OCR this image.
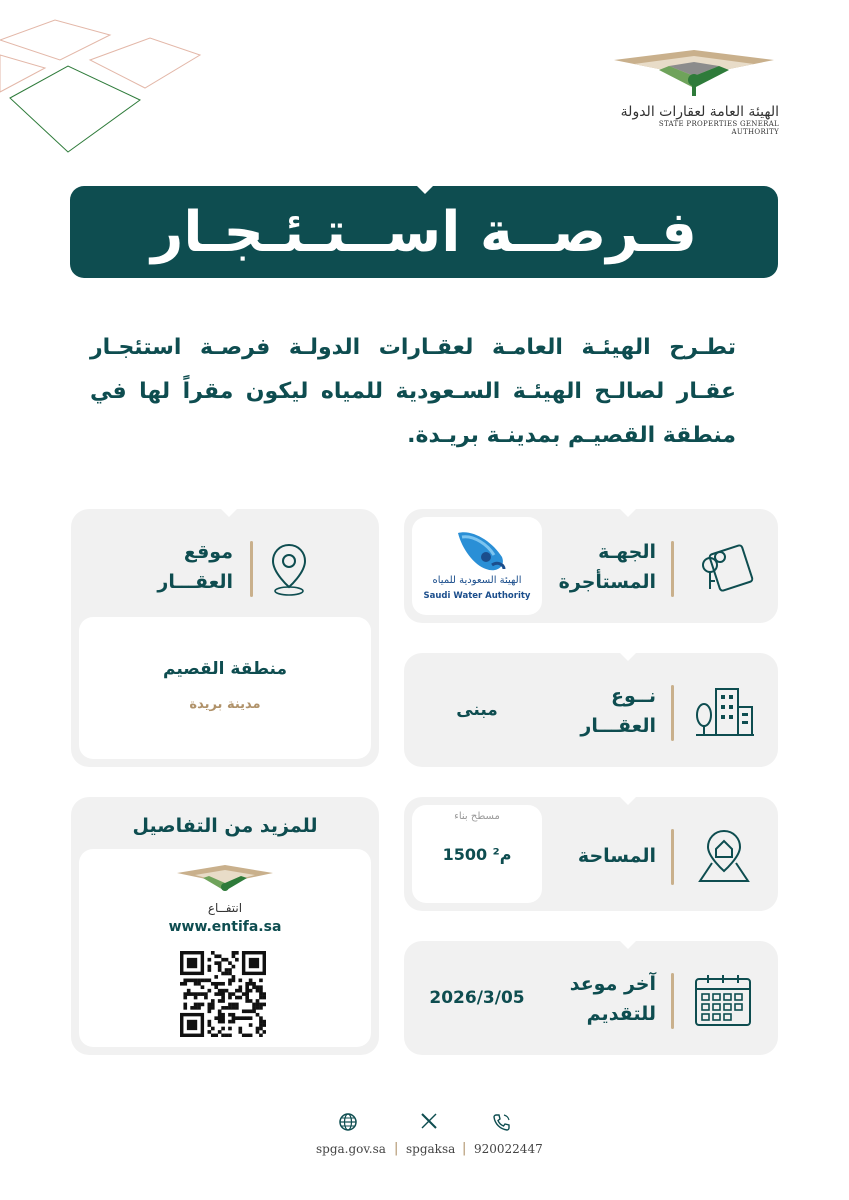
الهيئة العامة لعقارات الدولة
STATE PROPERTIES GENERAL AUTHORITY
فـرصــة اســتـئـجـار
تطـرح الهيئـة العامـة لعقـارات الدولـة فرصـة استئجـار عقـار لصالـح الهيئـة السـعودية للمياه ليكون مقراً لها في منطقة القصيـم بمدينـة بريـدة.
الجهـة
المستأجرة
الهيئة السعودية للمياه
Saudi Water Authority
نــوع
العقـــار
مبنى
المساحة
مسطح بناء
1500 م²
آخر موعد
للتقديم
2026/3/05
موقع
العقـــار
منطقة القصيم
مدينة بريدة
للمزيد من التفاصيل
انتفــاع
www.entifa.sa
spga.gov.sa | spgaksa | 920022447
